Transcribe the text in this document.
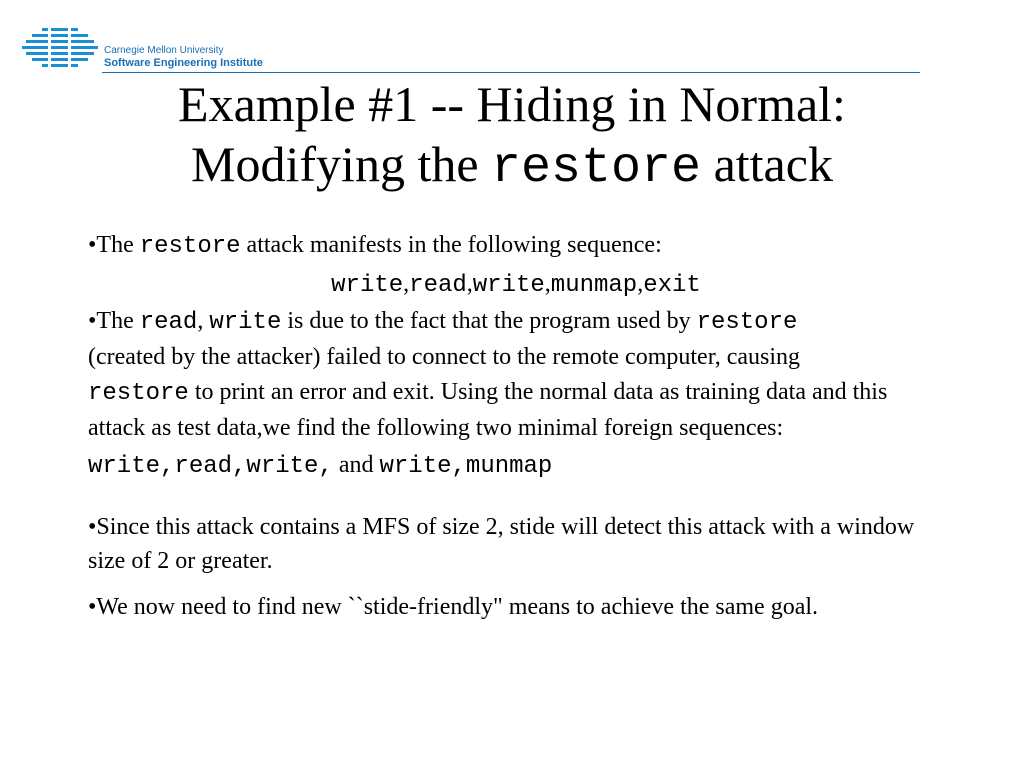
Carnegie Mellon University
Software Engineering Institute
Example #1 -- Hiding in Normal:
Modifying the restore attack

•The restore attack manifests in the following sequence:

write,read,write,munmap,exit

•The read, write is due to the fact that the program used by restore
(created by the attacker) failed to connect to the remote computer, causing
restore to print an error and exit. Using the normal data as training data and this attack as test data,we find the following two minimal foreign sequences:

write,read,write, and write,munmap

•Since this attack contains a MFS of size 2, stide will detect this attack with a window size of 2 or greater.

•We now need to find new ``stide-friendly" means to achieve the same goal.
